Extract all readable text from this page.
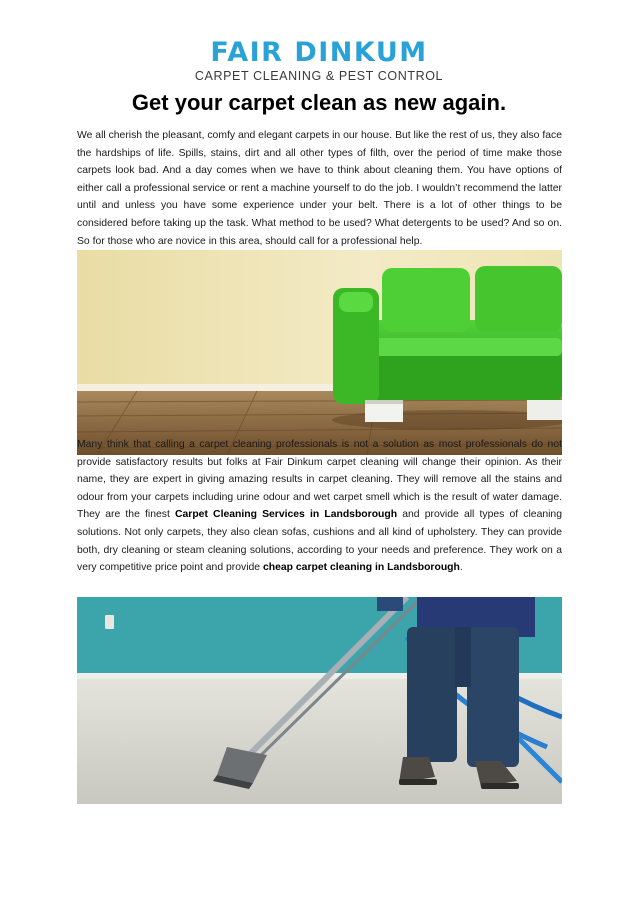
FAIR DINKUM
CARPET CLEANING & PEST CONTROL
Get your carpet clean as new again.

We all cherish the pleasant, comfy and elegant carpets in our house. But like the rest of us, they also face the hardships of life. Spills, stains, dirt and all other types of filth, over the period of time make those carpets look bad. And a day comes when we have to think about cleaning them. You have options of either call a professional service or rent a machine yourself to do the job. I wouldn’t recommend the latter until and unless you have some experience under your belt. There is a lot of other things to be considered before taking up the task. What method to be used? What detergents to be used? And so on. So for those who are novice in this area, should call for a professional help.

Many think that calling a carpet cleaning professionals is not a solution as most professionals do not provide satisfactory results but folks at Fair Dinkum carpet cleaning will change their opinion. As their name, they are expert in giving amazing results in carpet cleaning. They will remove all the stains and odour from your carpets including urine odour and wet carpet smell which is the result of water damage. They are the finest Carpet Cleaning Services in Landsborough and provide all types of cleaning solutions. Not only carpets, they also clean sofas, cushions and all kind of upholstery. They can provide both, dry cleaning or steam cleaning solutions, according to your needs and preference. They work on a very competitive price point and provide cheap carpet cleaning in Landsborough.
